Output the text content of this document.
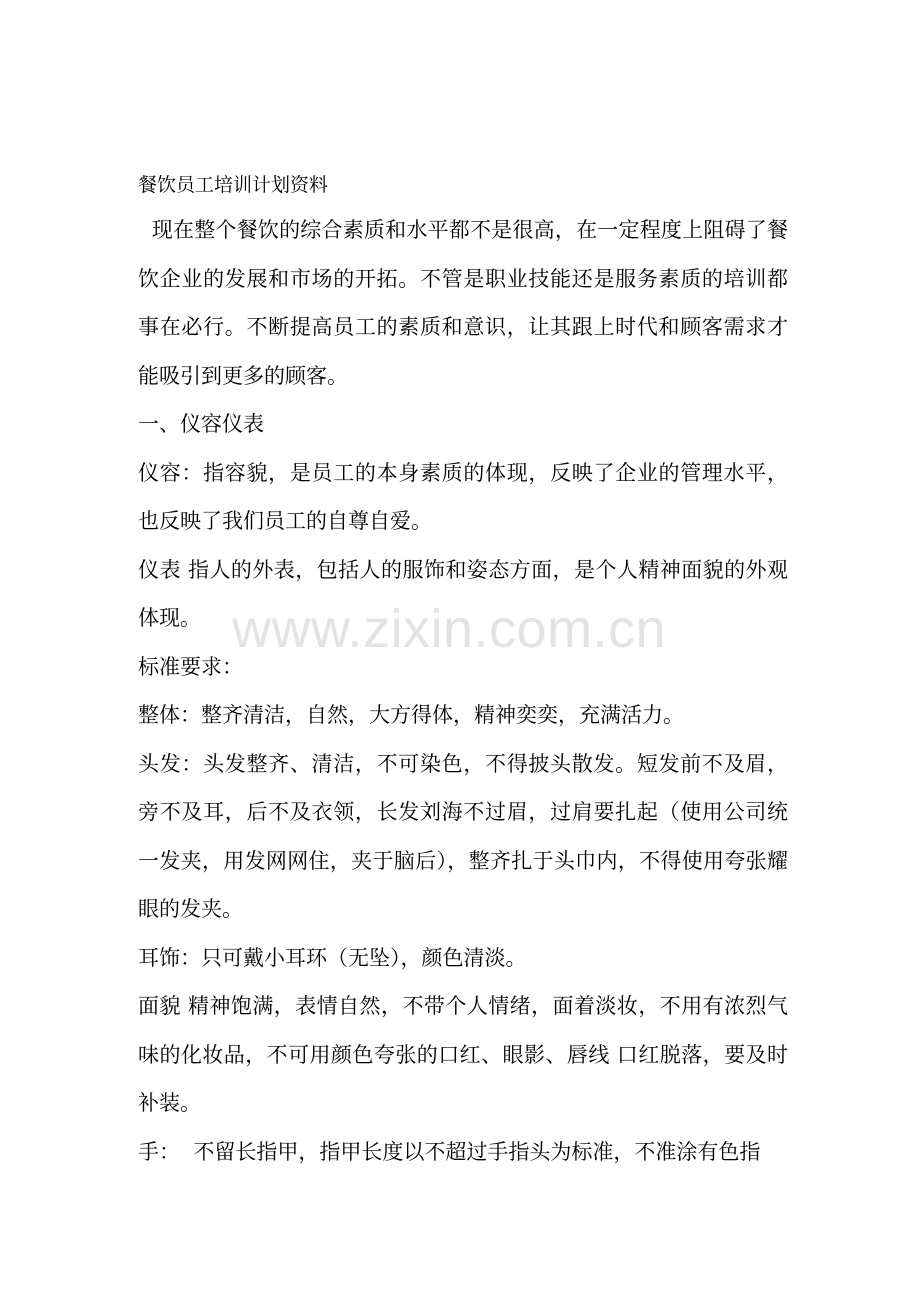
餐饮员工培训计划资料

现在整个餐饮的综合素质和水平都不是很高，在一定程度上阻碍了餐饮企业的发展和市场的开拓。不管是职业技能还是服务素质的培训都事在必行。不断提高员工的素质和意识，让其跟上时代和顾客需求才能吸引到更多的顾客。

一、仪容仪表

仪容：指容貌，是员工的本身素质的体现，反映了企业的管理水平，也反映了我们员工的自尊自爱。

仪表 指人的外表，包括人的服饰和姿态方面，是个人精神面貌的外观体现。

标准要求：

整体：整齐清洁，自然，大方得体，精神奕奕，充满活力。

头发：头发整齐、清洁，不可染色，不得披头散发。短发前不及眉，旁不及耳，后不及衣领，长发刘海不过眉，过肩要扎起（使用公司统一发夹，用发网网住，夹于脑后），整齐扎于头巾内，不得使用夸张耀眼的发夹。

耳饰：只可戴小耳环（无坠），颜色清淡。

面貌 精神饱满，表情自然，不带个人情绪，面着淡妆，不用有浓烈气味的化妆品，不可用颜色夸张的口红、眼影、唇线 口红脱落，要及时补装。

手：  不留长指甲，指甲长度以不超过手指头为标准，不准涂有色指

www.zixin.com.cn
